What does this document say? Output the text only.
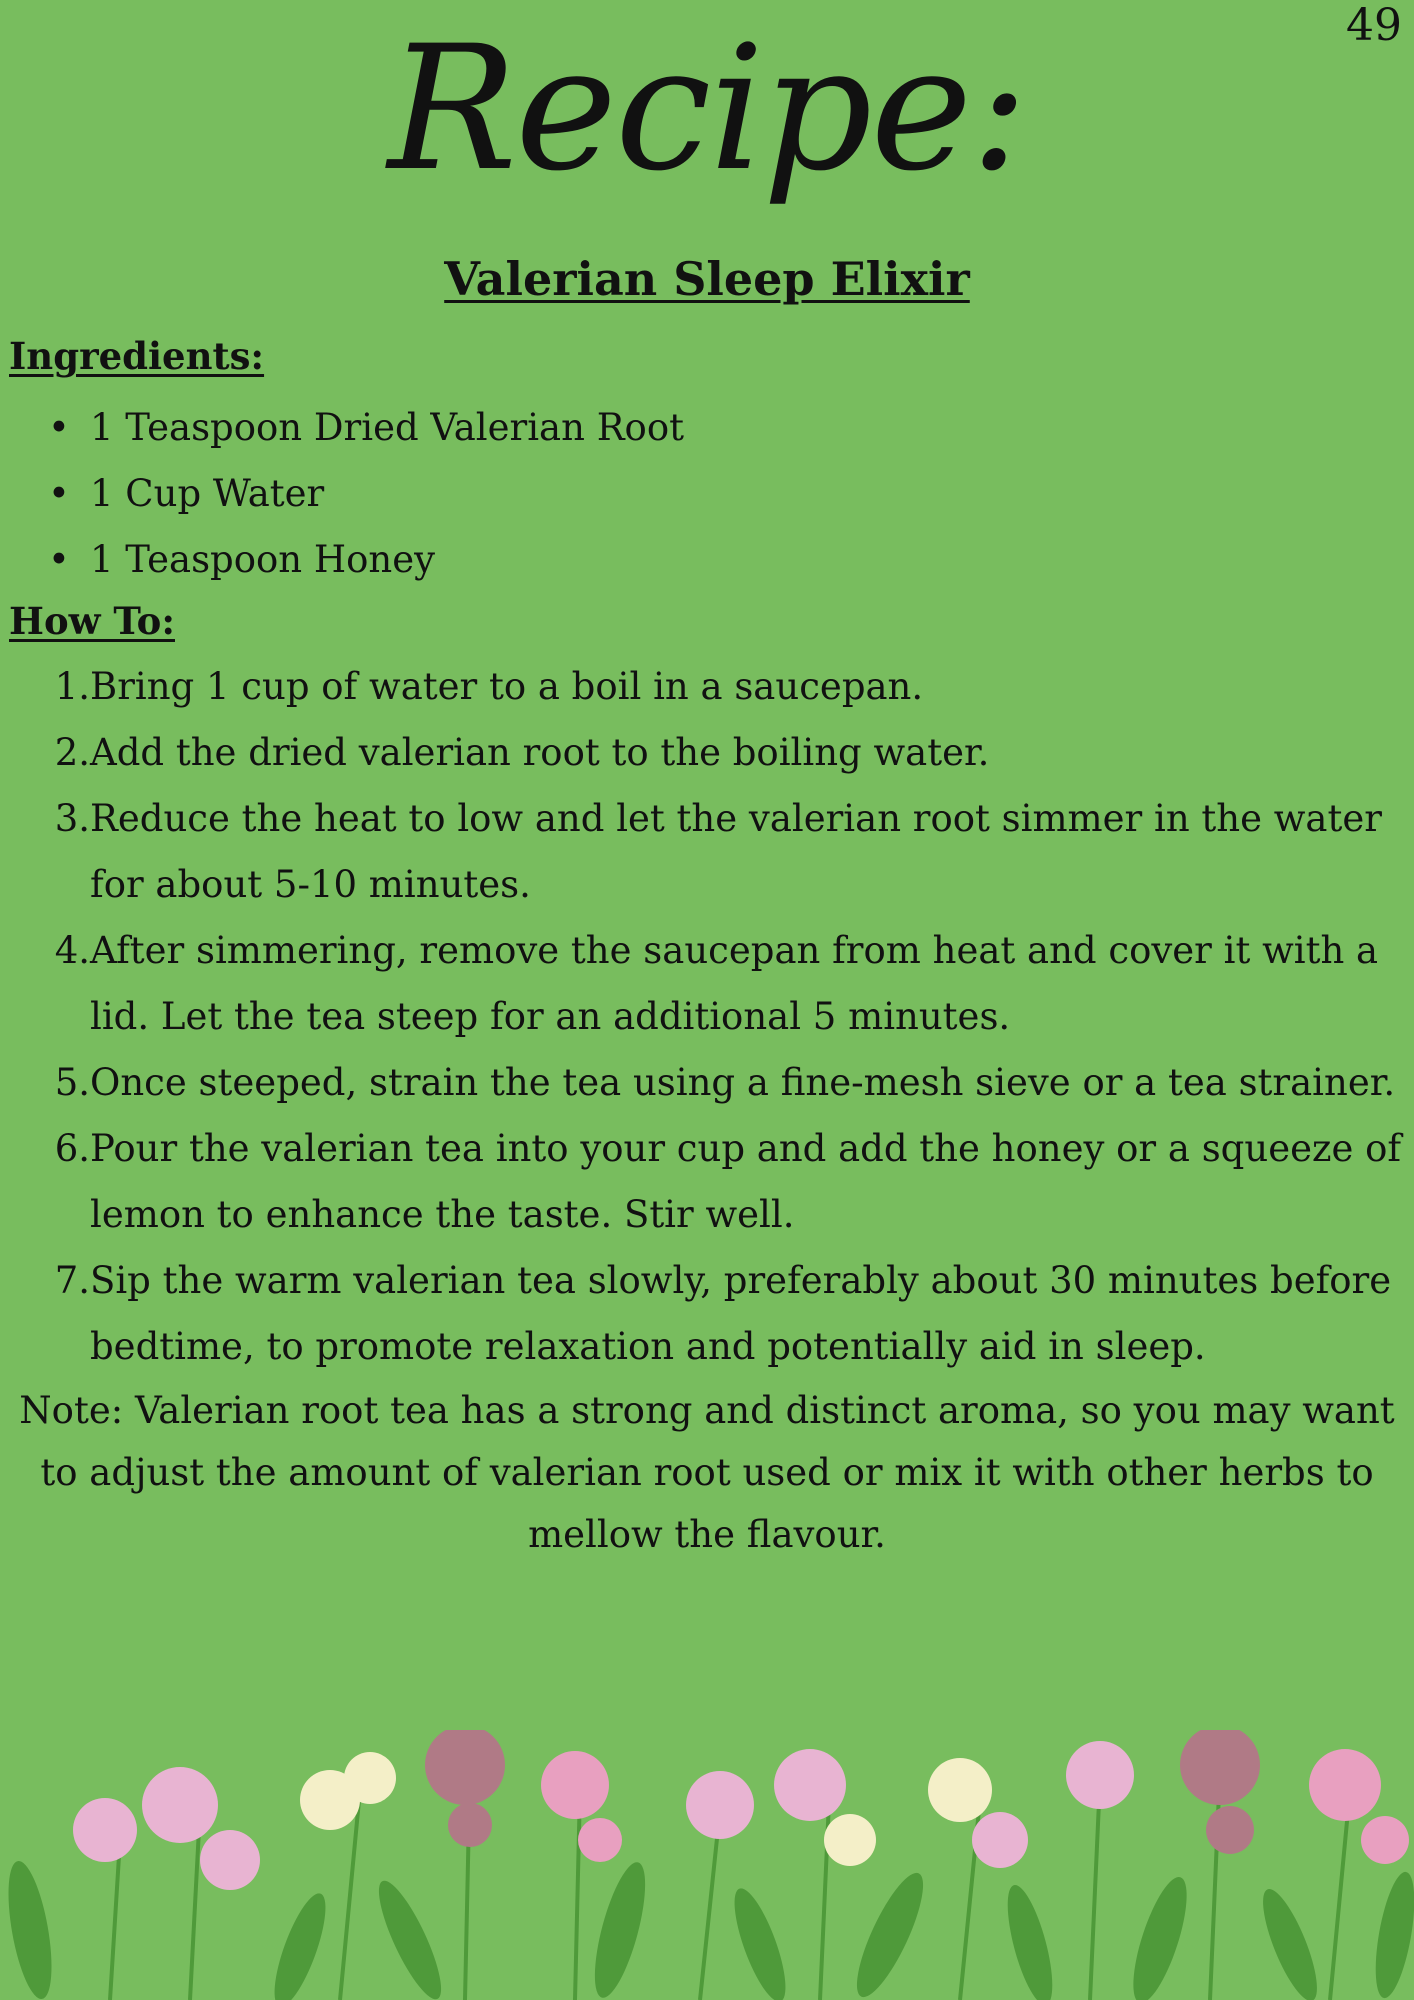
49
Recipe:
Valerian Sleep Elixir
Ingredients:
• 1 Teaspoon Dried Valerian Root
• 1 Cup Water
• 1 Teaspoon Honey
How To:
1. Bring 1 cup of water to a boil in a saucepan.
2. Add the dried valerian root to the boiling water.
3. Reduce the heat to low and let the valerian root simmer in the water for about 5-10 minutes.
4. After simmering, remove the saucepan from heat and cover it with a lid. Let the tea steep for an additional 5 minutes.
5. Once steeped, strain the tea using a fine-mesh sieve or a tea strainer.
6. Pour the valerian tea into your cup and add the honey or a squeeze of lemon to enhance the taste. Stir well.
7. Sip the warm valerian tea slowly, preferably about 30 minutes before bedtime, to promote relaxation and potentially aid in sleep.
Note: Valerian root tea has a strong and distinct aroma, so you may want to adjust the amount of valerian root used or mix it with other herbs to mellow the flavour.
